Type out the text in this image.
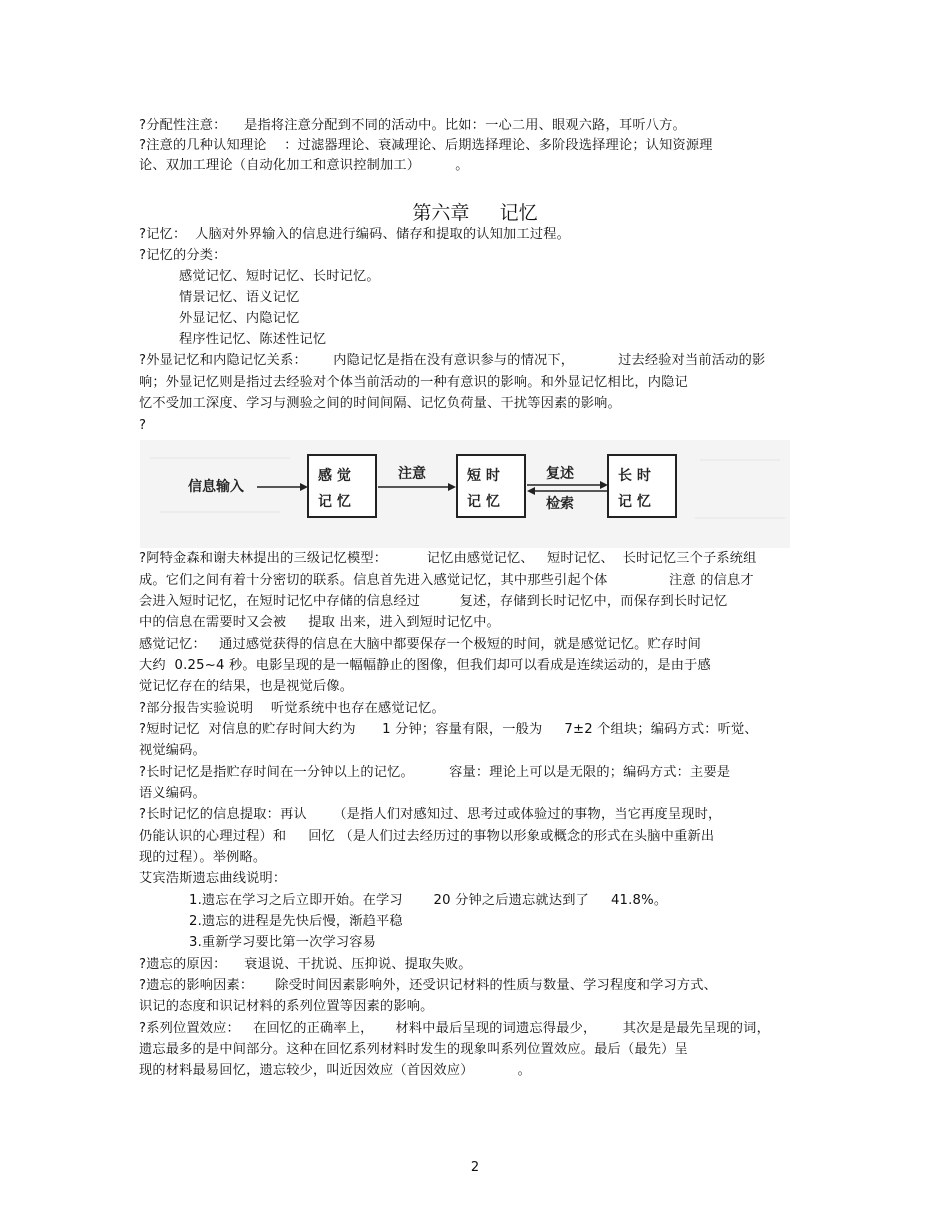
?分配性注意：    是指将注意分配到不同的活动中。比如：一心二用、眼观六路，耳听八方。
?注意的几种认知理论    ：过滤器理论、衰减理论、后期选择理论、多阶段选择理论；认知资源理
论、双加工理论（自动化加工和意识控制加工）        。
第六章     记忆
?记忆：  人脑对外界输入的信息进行编码、储存和提取的认知加工过程。
?记忆的分类：
感觉记忆、短时记忆、长时记忆。
情景记忆、语义记忆
外显记忆、内隐记忆
程序性记忆、陈述性记忆
?外显记忆和内隐记忆关系：      内隐记忆是指在没有意识参与的情况下，          过去经验对当前活动的影
响；外显记忆则是指过去经验对个体当前活动的一种有意识的影响。和外显记忆相比，内隐记
忆不受加工深度、学习与测验之间的时间间隔、记忆负荷量、干扰等因素的影响。
?
信息输入
感 觉
记 忆
注意	短 时
记 忆
复述
检索
长 时
记 忆
?阿特金森和谢夫林提出的三级记忆模型：         记忆由感觉记忆、   短时记忆、  长时记忆三个子系统组
成。它们之间有着十分密切的联系。信息首先进入感觉记忆，其中那些引起个体              注意 的信息才
会进入短时记忆，在短时记忆中存储的信息经过         复述，存储到长时记忆中，而保存到长时记忆
中的信息在需要时又会被     提取 出来，进入到短时记忆中。
感觉记忆：   通过感觉获得的信息在大脑中都要保存一个极短的时间，就是感觉记忆。贮存时间
大约  0.25~4 秒。电影呈现的是一幅幅静止的图像，但我们却可以看成是连续运动的，是由于感
觉记忆存在的结果，也是视觉后像。
?部分报告实验说明    听觉系统中也存在感觉记忆。
?短时记忆  对信息的贮存时间大约为      1 分钟；容量有限，一般为     7±2 个组块；编码方式：听觉、
视觉编码。
?长时记忆是指贮存时间在一分钟以上的记忆。        容量：理论上可以是无限的；编码方式：主要是
语义编码。
?长时记忆的信息提取：再认      （是指人们对感知过、思考过或体验过的事物，当它再度呈现时，
仍能认识的心理过程）和     回忆 （是人们过去经历过的事物以形象或概念的形式在头脑中重新出
现的过程）。举例略。
艾宾浩斯遗忘曲线说明：
1.遗忘在学习之后立即开始。在学习       20 分钟之后遗忘就达到了     41.8%。
2.遗忘的进程是先快后慢，渐趋平稳
3.重新学习要比第一次学习容易
?遗忘的原因：    衰退说、干扰说、压抑说、提取失败。
?遗忘的影响因素：     除受时间因素影响外，还受识记材料的性质与数量、学习程度和学习方式、
识记的态度和识记材料的系列位置等因素的影响。
?系列位置效应：   在回忆的正确率上，     材料中最后呈现的词遗忘得最少，      其次是是最先呈现的词，
遗忘最多的是中间部分。这种在回忆系列材料时发生的现象叫系列位置效应。最后（最先）呈
现的材料最易回忆，遗忘较少，叫近因效应（首因效应）          。
2
